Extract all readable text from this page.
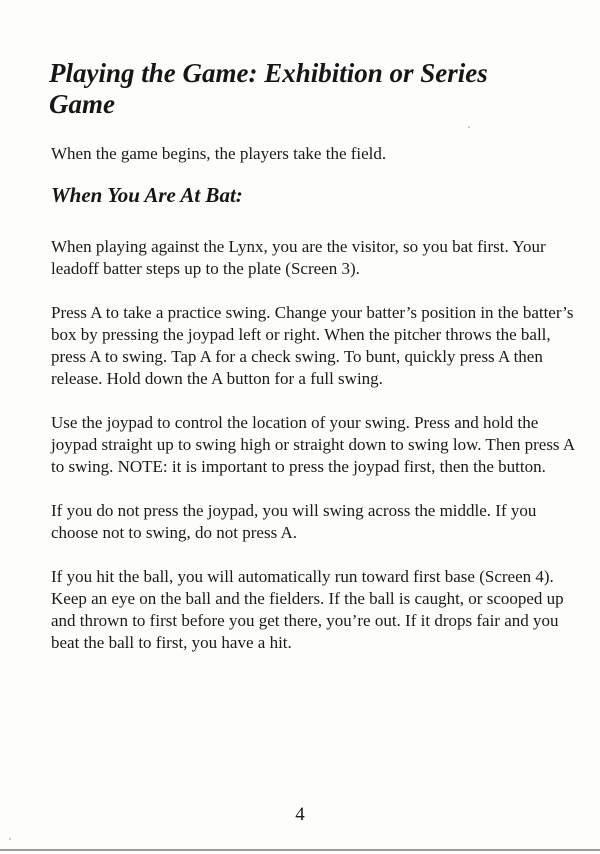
Playing the Game: Exhibition or Series Game

When the game begins, the players take the field.

When You Are At Bat:

When playing against the Lynx, you are the visitor, so you bat first. Your leadoff batter steps up to the plate (Screen 3).

Press A to take a practice swing. Change your batter’s position in the batter’s box by pressing the joypad left or right. When the pitcher throws the ball, press A to swing. Tap A for a check swing. To bunt, quickly press A then release. Hold down the A button for a full swing.

Use the joypad to control the location of your swing. Press and hold the joypad straight up to swing high or straight down to swing low. Then press A to swing. NOTE: it is important to press the joypad first, then the button.

If you do not press the joypad, you will swing across the middle. If you choose not to swing, do not press A.

If you hit the ball, you will automatically run toward first base (Screen 4). Keep an eye on the ball and the fielders. If the ball is caught, or scooped up and thrown to first before you get there, you’re out. If it drops fair and you beat the ball to first, you have a hit.

4
